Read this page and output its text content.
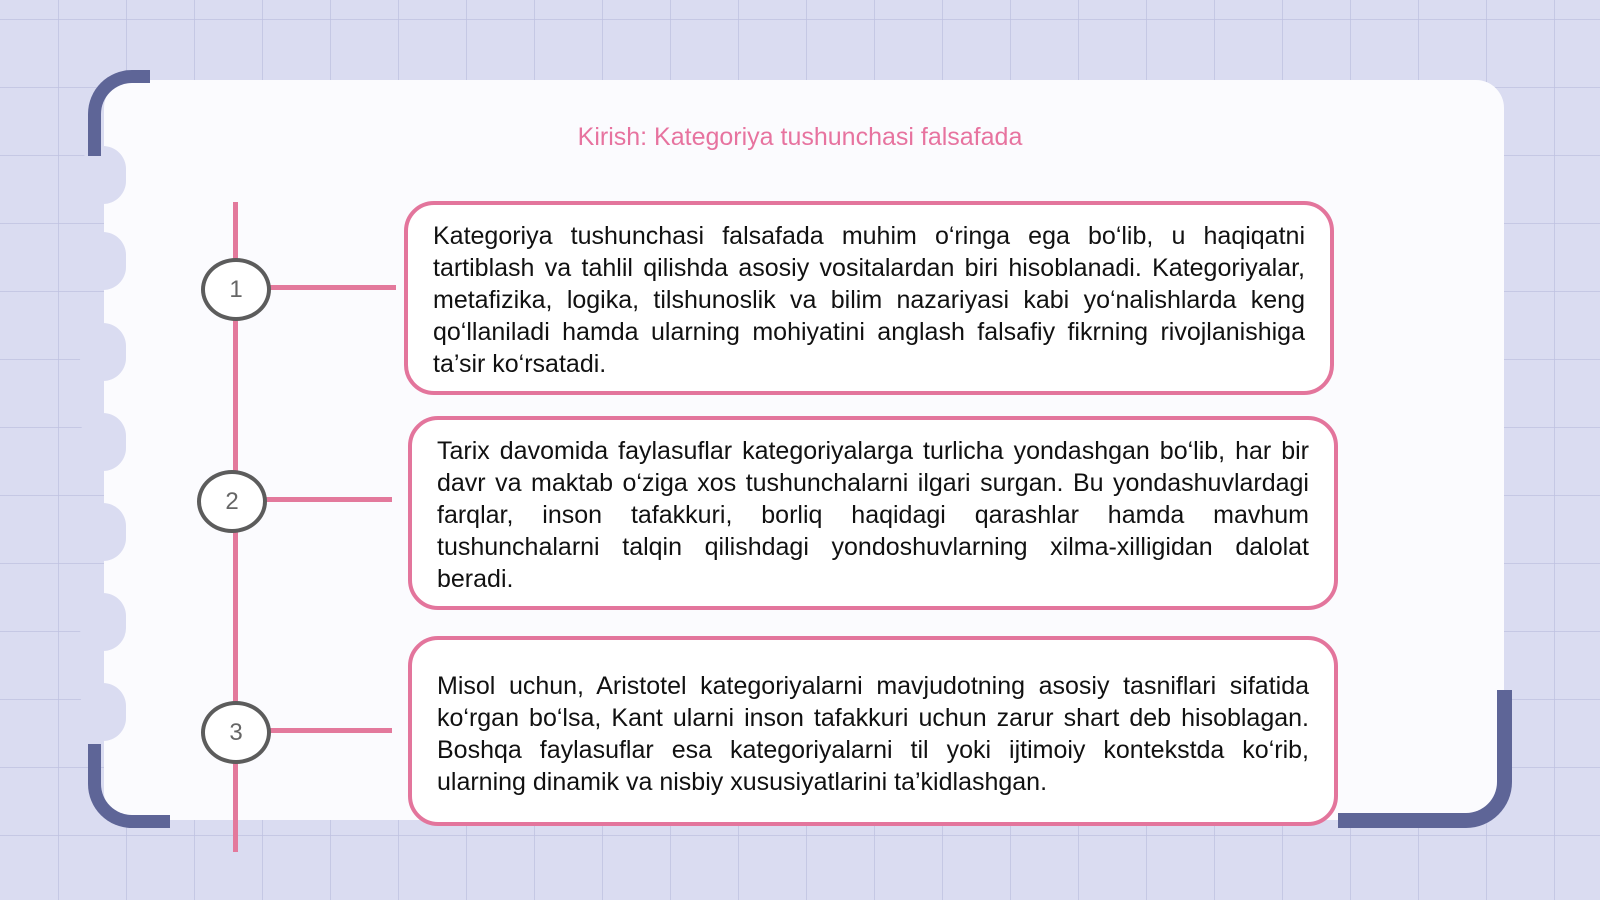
Kirish: Kategoriya tushunchasi falsafada
1
2
3

Kategoriya tushunchasi falsafada muhim o‘ringa ega bo‘lib, u haqiqatni tartiblash va tahlil qilishda asosiy vositalardan biri hisoblanadi. Kategoriyalar, metafizika, logika, tilshunoslik va bilim nazariyasi kabi yo‘nalishlarda keng qo‘llaniladi hamda ularning mohiyatini anglash falsafiy fikrning rivojlanishiga ta’sir ko‘rsatadi.

Tarix davomida faylasuflar kategoriyalarga turlicha yondashgan bo‘lib, har bir davr va maktab o‘ziga xos tushunchalarni ilgari surgan. Bu yondashuvlardagi farqlar, inson tafakkuri, borliq haqidagi qarashlar hamda mavhum tushunchalarni talqin qilishdagi yondoshuvlarning xilma-xilligidan dalolat beradi.

Misol uchun, Aristotel kategoriyalarni mavjudotning asosiy tasniflari sifatida ko‘rgan bo‘lsa, Kant ularni inson tafakkuri uchun zarur shart deb hisoblagan. Boshqa faylasuflar esa kategoriyalarni til yoki ijtimoiy kontekstda ko‘rib, ularning dinamik va nisbiy xususiyatlarini ta’kidlashgan.
